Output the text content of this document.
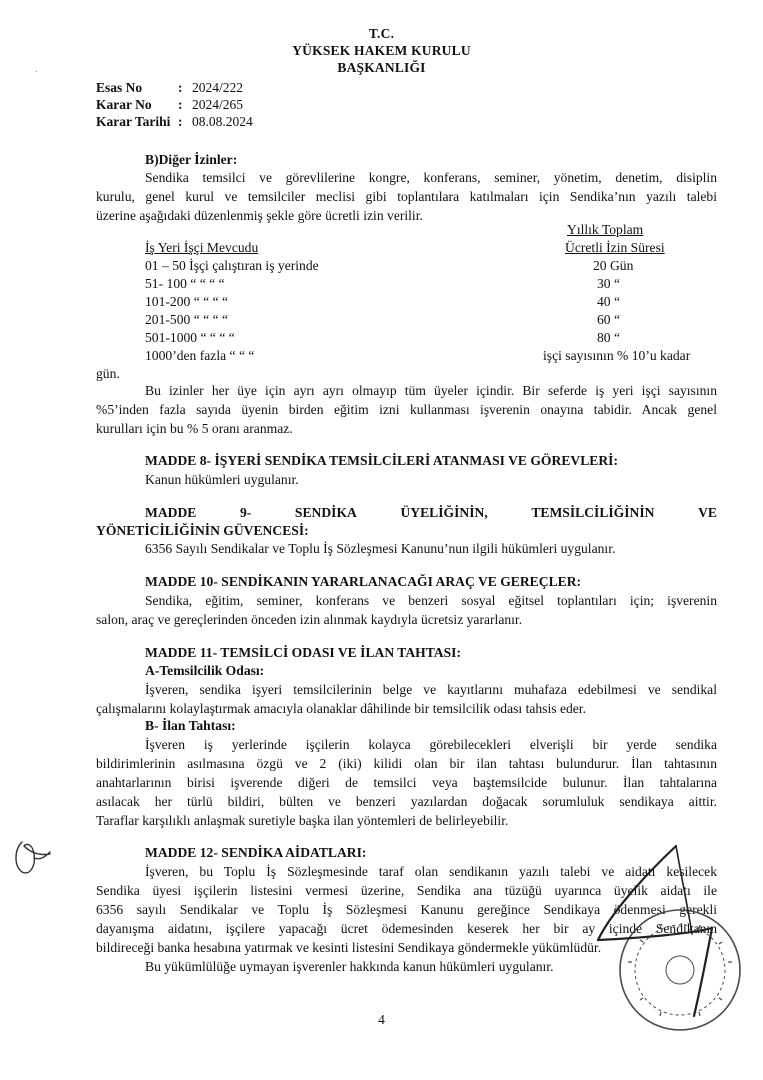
T.C.
YÜKSEK HAKEM KURULU
BAŞKANLIĞI
Esas No	: 2024/222
Karar No : 2024/265
Karar Tarihi : 08.08.2024
B)Diğer İzinler:
Sendika temsilci ve görevlilerine kongre, konferans, seminer, yönetim, denetim, disiplin
kurulu, genel kurul ve temsilciler meclisi gibi toplantılara katılmaları için Sendika’nın yazılı talebi
üzerine aşağıdaki düzenlenmiş şekle göre ücretli izin verilir.
Yıllık Toplam
İş Yeri İşçi Mevcudu	Ücretli İzin Süresi
01 – 50 İşçi çalıştıran iş yerinde	20 Gün
51- 100 “ “ “ “	30 “
101-200 “ “ “ “	40 “
201-500 “ “ “ “	60 “
501-1000 “ “ “ “	80 “
1000’den fazla “ “ “	işçi sayısının % 10’u kadar
gün.
Bu izinler her üye için ayrı ayrı olmayıp tüm üyeler içindir. Bir seferde iş yeri işçi sayısının
%5’inden fazla sayıda üyenin birden eğitim izni kullanması işverenin onayına tabidir. Ancak genel
kurulları için bu % 5 oranı aranmaz.
MADDE 8- İŞYERİ SENDİKA TEMSİLCİLERİ ATANMASI VE GÖREVLERİ:
Kanun hükümleri uygulanır.
MADDE	9-	SENDİKA	ÜYELİĞİNİN,	TEMSİLCİLİĞİNİN	VE
YÖNETİCİLİĞİNİN GÜVENCESİ:
6356 Sayılı Sendikalar ve Toplu İş Sözleşmesi Kanunu’nun ilgili hükümleri uygulanır.
MADDE 10- SENDİKANIN YARARLANACAĞI ARAÇ VE GEREÇLER:
Sendika, eğitim, seminer, konferans ve benzeri sosyal eğitsel toplantıları için; işverenin
salon, araç ve gereçlerinden önceden izin alınmak kaydıyla ücretsiz yararlanır.
MADDE 11- TEMSİLCİ ODASI VE İLAN TAHTASI:
A-Temsilcilik Odası:
İşveren, sendika işyeri temsilcilerinin belge ve kayıtlarını muhafaza edebilmesi ve sendikal
çalışmalarını kolaylaştırmak amacıyla olanaklar dâhilinde bir temsilcilik odası tahsis eder.
B- İlan Tahtası:
İşveren iş yerlerinde işçilerin kolayca görebilecekleri elverişli bir yerde sendika
bildirimlerinin asılmasına özgü ve 2 (iki) kilidi olan bir ilan tahtası bulundurur. İlan tahtasının
anahtarlarının birisi işverende diğeri de temsilci veya baştemsilcide bulunur. İlan tahtalarına
asılacak her türlü bildiri, bülten ve benzeri yazılardan doğacak sorumluluk sendikaya aittir.
Taraflar karşılıklı anlaşmak suretiyle başka ilan yöntemleri de belirleyebilir.
MADDE 12- SENDİKA AİDATLARI:
İşveren, bu Toplu İş Sözleşmesinde taraf olan sendikanın yazılı talebi ve aidatı kesilecek
Sendika üyesi işçilerin listesini vermesi üzerine, Sendika ana tüzüğü uyarınca üyelik aidatı ile
6356 sayılı Sendikalar ve Toplu İş Sözleşmesi Kanunu gereğince Sendikaya ödenmesi gerekli
dayanışma aidatını, işçilere yapacağı ücret ödemesinden keserek her bir ay içinde Sendikanın
bildireceği banka hesabına yatırmak ve kesinti listesini Sendikaya göndermekle yükümlüdür.
Bu yükümlülüğe uymayan işverenler hakkında kanun hükümleri uygulanır.
4
